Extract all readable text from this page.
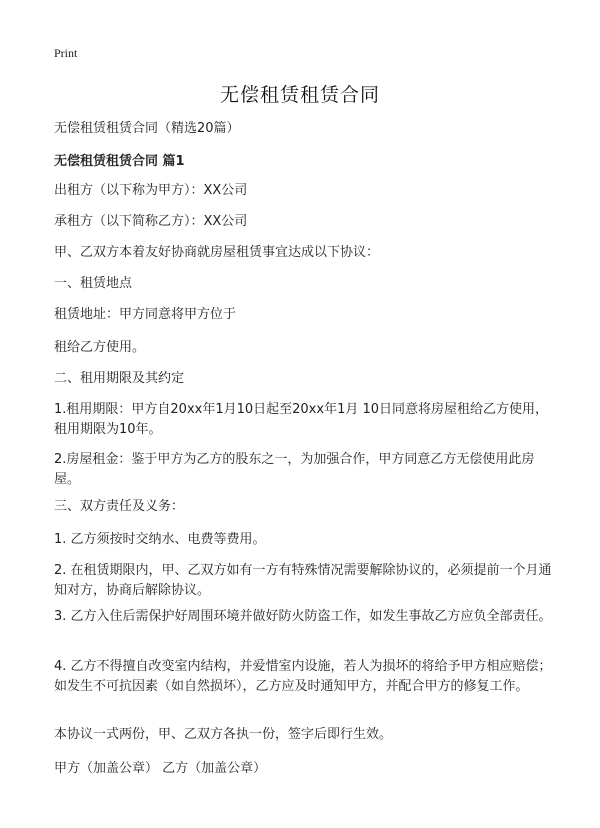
Print
无偿租赁租赁合同
无偿租赁租赁合同（精选20篇）
无偿租赁租赁合同 篇1
出租方（以下称为甲方）：XX公司
承租方（以下简称乙方）：XX公司
甲、乙双方本着友好协商就房屋租赁事宜达成以下协议：
一、租赁地点
租赁地址：甲方同意将甲方位于
租给乙方使用。
二、租用期限及其约定
1.租用期限：甲方自20xx年1月10日起至20xx年1月 10日同意将房屋租给乙方使用，租用期限为10年。
2.房屋租金：鉴于甲方为乙方的股东之一，为加强合作，甲方同意乙方无偿使用此房屋。
三、双方责任及义务：
1. 乙方须按时交纳水、电费等费用。
2. 在租赁期限内，甲、乙双方如有一方有特殊情况需要解除协议的，必须提前一个月通知对方，协商后解除协议。
3. 乙方入住后需保护好周围环境并做好防火防盗工作，如发生事故乙方应负全部责任。
4. 乙方不得擅自改变室内结构，并爱惜室内设施，若人为损坏的将给予甲方相应赔偿；如发生不可抗因素（如自然损坏），乙方应及时通知甲方，并配合甲方的修复工作。
本协议一式两份，甲、乙双方各执一份，签字后即行生效。
甲方（加盖公章） 乙方（加盖公章）
